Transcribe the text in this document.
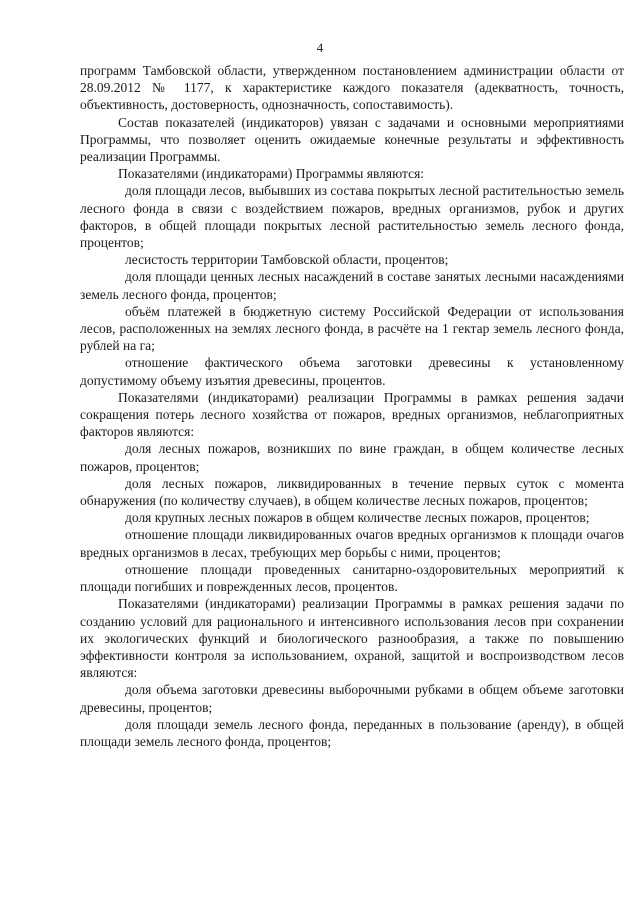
4

программ Тамбовской области, утвержденном постановлением администрации области от 28.09.2012 № 1177, к характеристике каждого показателя (адекватность, точность, объективность, достоверность, однозначность, сопоставимость).

Состав показателей (индикаторов) увязан с задачами и основными мероприятиями Программы, что позволяет оценить ожидаемые конечные результаты и эффективность реализации Программы.

Показателями (индикаторами) Программы являются:

доля площади лесов, выбывших из состава покрытых лесной растительностью земель лесного фонда в связи с воздействием пожаров, вредных организмов, рубок и других факторов, в общей площади покрытых лесной растительностью земель лесного фонда, процентов;

лесистость территории Тамбовской области, процентов;

доля площади ценных лесных насаждений в составе занятых лесными насаждениями земель лесного фонда, процентов;

объём платежей в бюджетную систему Российской Федерации от использования лесов, расположенных на землях лесного фонда, в расчёте на 1 гектар земель лесного фонда, рублей на га;

отношение фактического объема заготовки древесины к установленному допустимому объему изъятия древесины, процентов.

Показателями (индикаторами) реализации Программы в рамках решения задачи сокращения потерь лесного хозяйства от пожаров, вредных организмов, неблагоприятных факторов являются:

доля лесных пожаров, возникших по вине граждан, в общем количестве лесных пожаров, процентов;

доля лесных пожаров, ликвидированных в течение первых суток с момента обнаружения (по количеству случаев), в общем количестве лесных пожаров, процентов;

доля крупных лесных пожаров в общем количестве лесных пожаров, процентов;

отношение площади ликвидированных очагов вредных организмов к площади очагов вредных организмов в лесах, требующих мер борьбы с ними, процентов;

отношение площади проведенных санитарно-оздоровительных мероприятий к площади погибших и поврежденных лесов, процентов.

Показателями (индикаторами) реализации Программы в рамках решения задачи по созданию условий для рационального и интенсивного использования лесов при сохранении их экологических функций и биологического разнообразия, а также по повышению эффективности контроля за использованием, охраной, защитой и воспроизводством лесов являются:

доля объема заготовки древесины выборочными рубками в общем объеме заготовки древесины, процентов;

доля площади земель лесного фонда, переданных в пользование (аренду), в общей площади земель лесного фонда, процентов;
